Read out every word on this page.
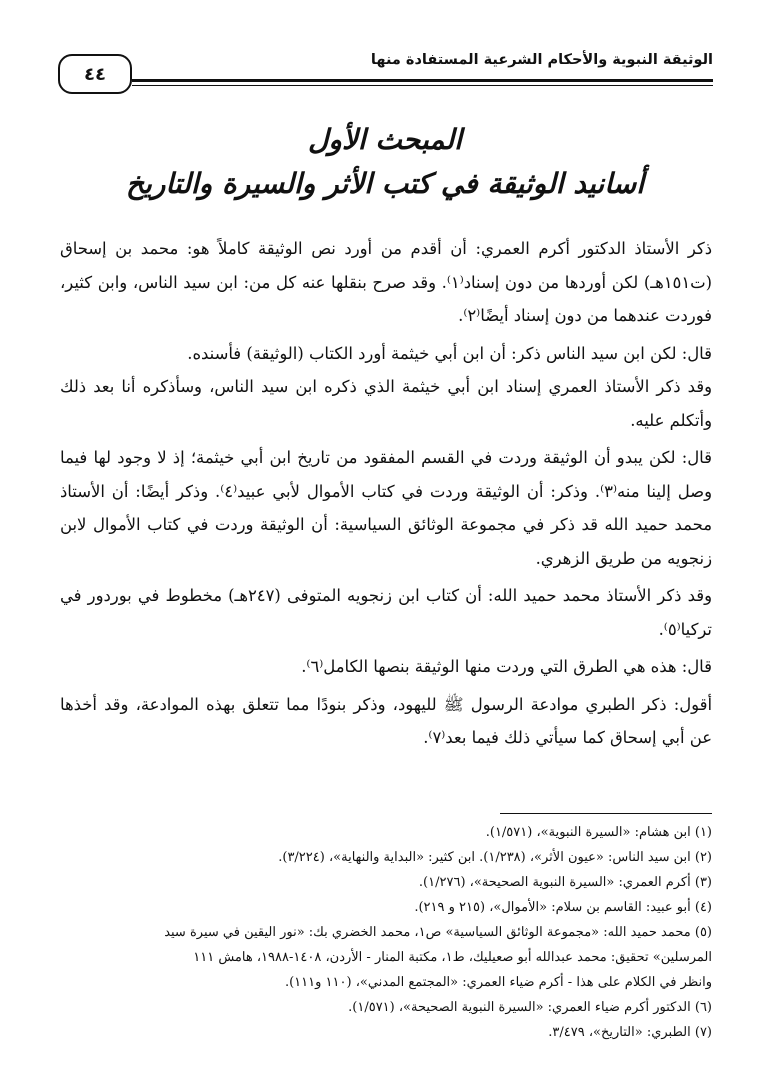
٤٤
الوثيقة النبوية والأحكام الشرعية المستفادة منها
المبحث الأول
أسانيد الوثيقة في كتب الأثر والسيرة والتاريخ

ذكر الأستاذ الدكتور أكرم العمري: أن أقدم من أورد نص الوثيقة كاملاً هو: محمد بن إسحاق (ت١٥١هـ) لكن أوردها من دون إسناد⁽١⁾. وقد صرح بنقلها عنه كل من: ابن سيد الناس، وابن كثير، فوردت عندهما من دون إسناد أيضًا⁽٢⁾.

قال: لكن ابن سيد الناس ذكر: أن ابن أبي خيثمة أورد الكتاب (الوثيقة) فأسنده.

وقد ذكر الأستاذ العمري إسناد ابن أبي خيثمة الذي ذكره ابن سيد الناس، وسأذكره أنا بعد ذلك وأتكلم عليه.

قال: لكن يبدو أن الوثيقة وردت في القسم المفقود من تاريخ ابن أبي خيثمة؛ إذ لا وجود لها فيما وصل إلينا منه⁽٣⁾. وذكر: أن الوثيقة وردت في كتاب الأموال لأبي عبيد⁽٤⁾. وذكر أيضًا: أن الأستاذ محمد حميد الله قد ذكر في مجموعة الوثائق السياسية: أن الوثيقة وردت في كتاب الأموال لابن زنجويه من طريق الزهري.

وقد ذكر الأستاذ محمد حميد الله: أن كتاب ابن زنجويه المتوفى (٢٤٧هـ) مخطوط في بوردور في تركيا⁽٥⁾.

قال: هذه هي الطرق التي وردت منها الوثيقة بنصها الكامل⁽٦⁾.

أقول: ذكر الطبري موادعة الرسول ﷺ لليهود، وذكر بنودًا مما تتعلق بهذه الموادعة، وقد أخذها عن أبي إسحاق كما سيأتي ذلك فيما بعد⁽٧⁾.

(١) ابن هشام: «السيرة النبوية»، (١/٥٧١).
(٢) ابن سيد الناس: «عيون الأثر»، (١/٢٣٨). ابن كثير: «البداية والنهاية»، (٣/٢٢٤).
(٣) أكرم العمري: «السيرة النبوية الصحيحة»، (١/٢٧٦).
(٤) أبو عبيد: القاسم بن سلام: «الأموال»، (٢١٥ و ٢١٩).
(٥) محمد حميد الله: «مجموعة الوثائق السياسية» ص١، محمد الخضري بك: «نور اليقين في سيرة سيد
المرسلين» تحقيق: محمد عبدالله أبو صعيليك، ط١، مكتبة المنار - الأردن، ١٤٠٨-١٩٨٨، هامش ١١١
وانظر في الكلام على هذا - أكرم ضياء العمري: «المجتمع المدني»، (١١٠ و١١١).
(٦) الدكتور أكرم ضياء العمري: «السيرة النبوية الصحيحة»، (١/٥٧١).
(٧) الطبري: «التاريخ»، ٣/٤٧٩.
